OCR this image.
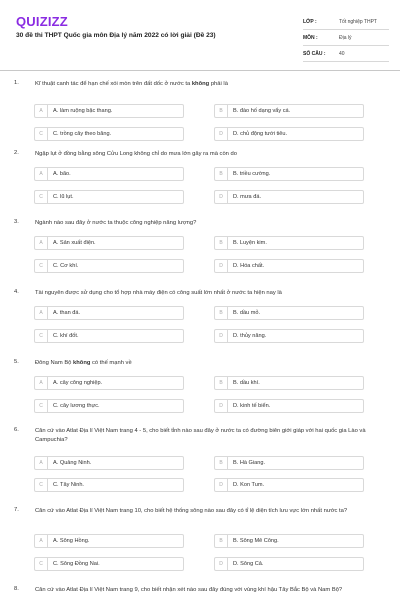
QUIZIZZ
30 đề thi THPT Quốc gia môn Địa lý năm 2022 có lời giải (Đề 23)
LỚP :	Tốt nghiệp THPT
MÔN :	Địa lý
SỐ CÂU :	40
1.	Kĩ thuật canh tác để hạn chế xói mòn trên đất dốc ở nước ta không phải là
A	A. làm ruộng bậc thang.	B	B. đào hố dạng vẩy cá.
C	C. trồng cây theo băng.	D	D. chủ động tưới tiêu.
2.	Ngập lụt ở đồng bằng sông Cửu Long không chỉ do mưa lớn gây ra mà còn do
A	A. bão.	B	B. triều cường.
C	C. lũ lụt.	D	D. mưa đá.
3.	Ngành nào sau đây ở nước ta thuộc công nghiệp năng lượng?
A	A. Sản xuất điện.	B	B. Luyện kim.
C	C. Cơ khí.	D	D. Hóa chất.
4.	Tài nguyên được sử dụng cho tổ hợp nhà máy điện có công suất lớn nhất ở nước ta hiện nay là
A	A. than đá.	B	B. dầu mỏ.
C	C. khí đốt.	D	D. thủy năng.
5.	Đông Nam Bộ không có thế mạnh về
A	A. cây công nghiệp.	B	B. dầu khí.
C	C. cây lương thực.	D	D. kinh tế biển.
6.	Căn cứ vào Atlat Địa lí Việt Nam trang 4 - 5, cho biết tỉnh nào sau đây ở nước ta có đường biên giới giáp với hai quốc gia Lào và Campuchia?
A	A. Quảng Ninh.	B	B. Hà Giang.
C	C. Tây Ninh.	D	D. Kon Tum.
7.	Căn cứ vào Atlat Địa lí Việt Nam trang 10, cho biết hệ thống sông nào sau đây có tỉ lệ diện tích lưu vực lớn nhất nước ta?
A	A. Sông Hồng.	B	B. Sông Mê Công.
C	C. Sông Đồng Nai.	D	D. Sông Cả.
8.	Căn cứ vào Atlat Địa lí Việt Nam trang 9, cho biết nhận xét nào sau đây đúng với vùng khí hậu Tây Bắc Bộ và Nam Bộ?
